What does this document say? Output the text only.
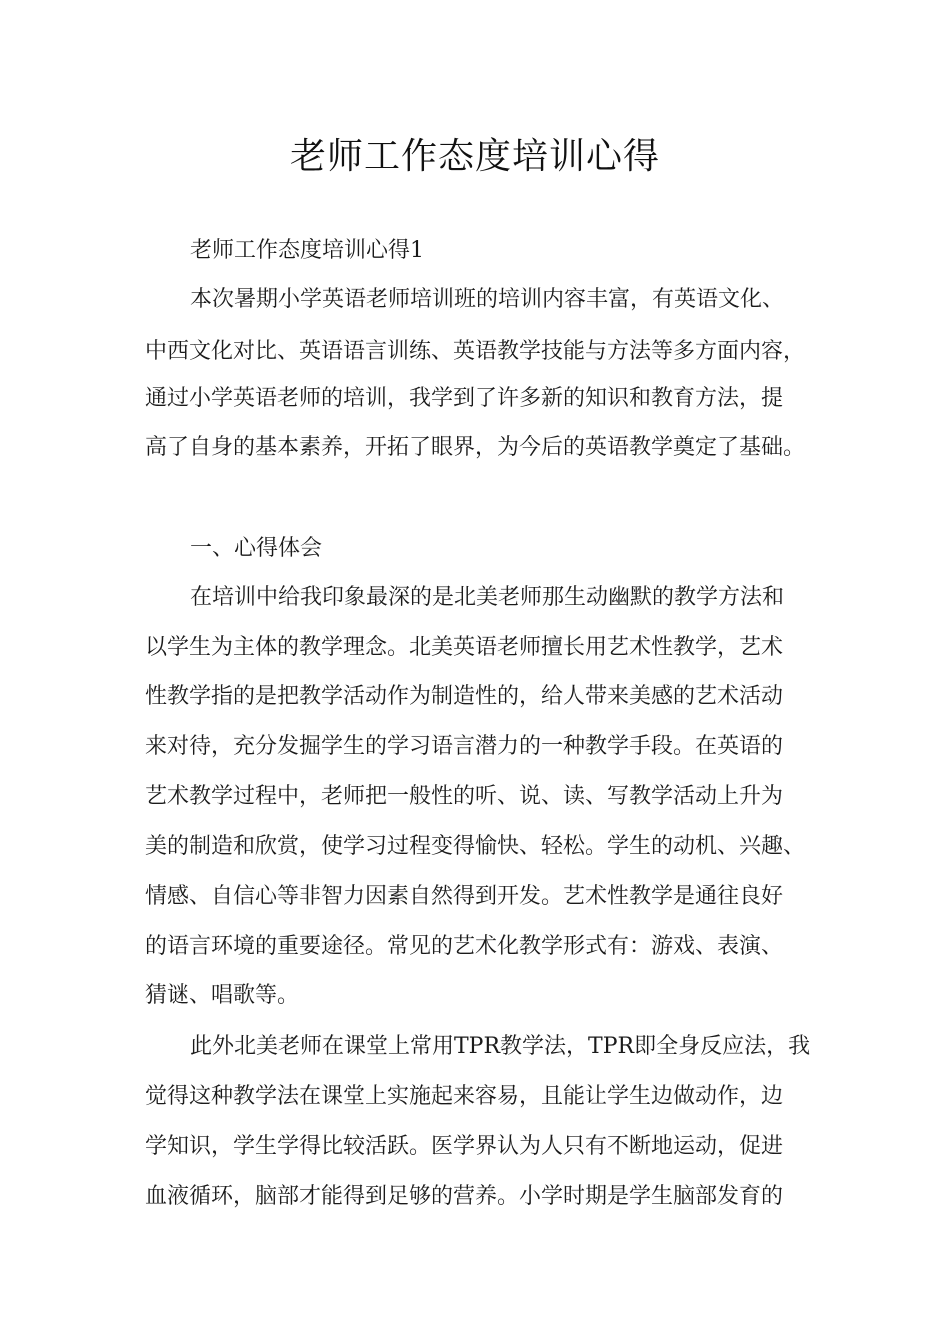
老师工作态度培训心得

老师工作态度培训心得1

本次暑期小学英语老师培训班的培训内容丰富，有英语文化、

中西文化对比、英语语言训练、英语教学技能与方法等多方面内容，

通过小学英语老师的培训，我学到了许多新的知识和教育方法，提

高了自身的基本素养，开拓了眼界，为今后的英语教学奠定了基础。

一、心得体会

在培训中给我印象最深的是北美老师那生动幽默的教学方法和

以学生为主体的教学理念。北美英语老师擅长用艺术性教学，艺术

性教学指的是把教学活动作为制造性的，给人带来美感的艺术活动

来对待，充分发掘学生的学习语言潜力的一种教学手段。在英语的

艺术教学过程中，老师把一般性的听、说、读、写教学活动上升为

美的制造和欣赏，使学习过程变得愉快、轻松。学生的动机、兴趣、

情感、自信心等非智力因素自然得到开发。艺术性教学是通往良好

的语言环境的重要途径。常见的艺术化教学形式有：游戏、表演、

猜谜、唱歌等。

此外北美老师在课堂上常用TPR教学法，TPR即全身反应法，我

觉得这种教学法在课堂上实施起来容易，且能让学生边做动作，边

学知识，学生学得比较活跃。医学界认为人只有不断地运动，促进

血液循环，脑部才能得到足够的营养。小学时期是学生脑部发育的
